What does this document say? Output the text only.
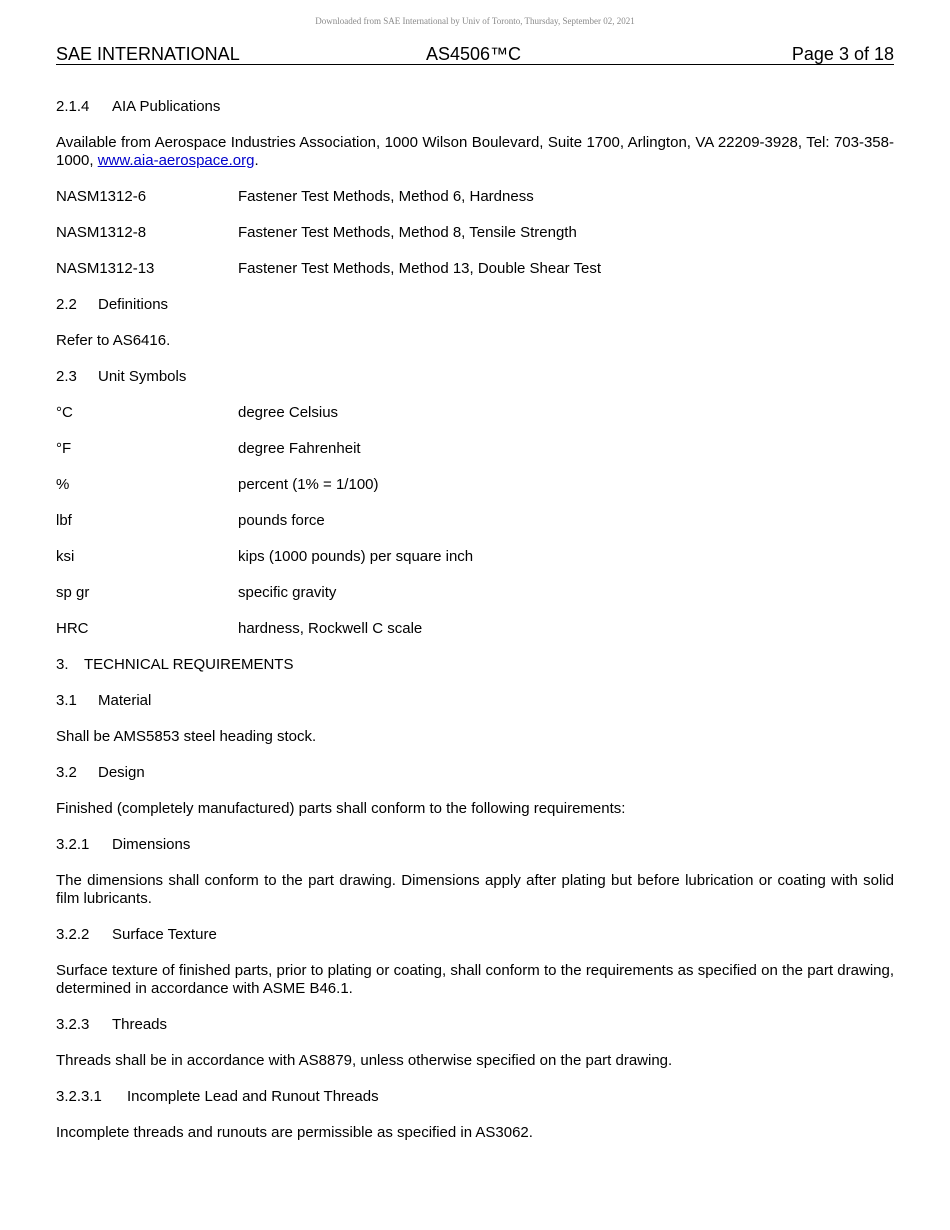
Downloaded from SAE International by Univ of Toronto, Thursday, September 02, 2021
SAE INTERNATIONAL	AS4506™C	Page 3 of 18
2.1.4 AIA Publications
Available from Aerospace Industries Association, 1000 Wilson Boulevard, Suite 1700, Arlington, VA 22209-3928, Tel: 703-358-1000, www.aia-aerospace.org.
NASM1312-6	Fastener Test Methods, Method 6, Hardness
NASM1312-8	Fastener Test Methods, Method 8, Tensile Strength
NASM1312-13	Fastener Test Methods, Method 13, Double Shear Test
2.2 Definitions
Refer to AS6416.
2.3 Unit Symbols
°C	degree Celsius
°F	degree Fahrenheit
%	percent (1% = 1/100)
lbf	pounds force
ksi	kips (1000 pounds) per square inch
sp gr	specific gravity
HRC	hardness, Rockwell C scale
3. TECHNICAL REQUIREMENTS
3.1 Material
Shall be AMS5853 steel heading stock.
3.2 Design
Finished (completely manufactured) parts shall conform to the following requirements:
3.2.1 Dimensions
The dimensions shall conform to the part drawing. Dimensions apply after plating but before lubrication or coating with solid film lubricants.
3.2.2 Surface Texture
Surface texture of finished parts, prior to plating or coating, shall conform to the requirements as specified on the part drawing, determined in accordance with ASME B46.1.
3.2.3 Threads
Threads shall be in accordance with AS8879, unless otherwise specified on the part drawing.
3.2.3.1 Incomplete Lead and Runout Threads
Incomplete threads and runouts are permissible as specified in AS3062.
